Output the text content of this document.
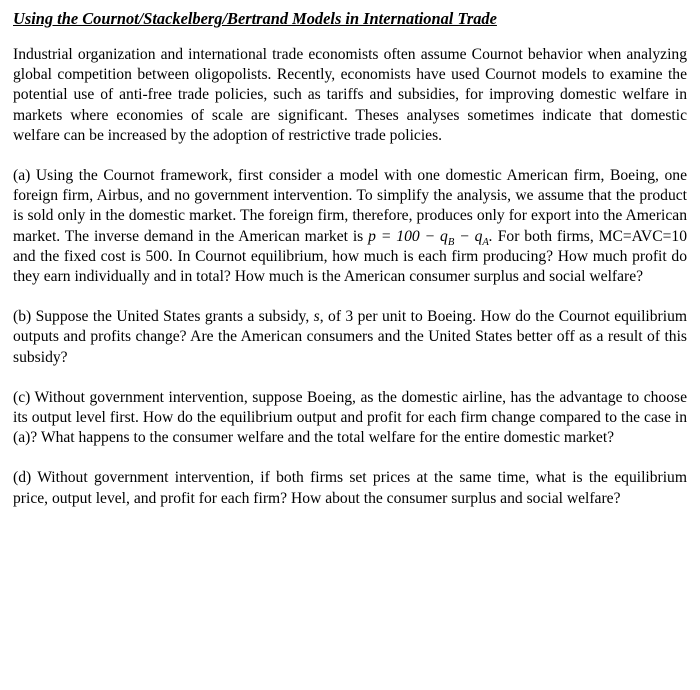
Using the Cournot/Stackelberg/Bertrand Models in International Trade

Industrial organization and international trade economists often assume Cournot behavior when analyzing global competition between oligopolists. Recently, economists have used Cournot models to examine the potential use of anti-free trade policies, such as tariffs and subsidies, for improving domestic welfare in markets where economies of scale are significant. Theses analyses sometimes indicate that domestic welfare can be increased by the adoption of restrictive trade policies.

(a) Using the Cournot framework, first consider a model with one domestic American firm, Boeing, one foreign firm, Airbus, and no government intervention. To simplify the analysis, we assume that the product is sold only in the domestic market. The foreign firm, therefore, produces only for export into the American market. The inverse demand in the American market is $p = 100 - q_B - q_A$. For both firms, MC=AVC=10 and the fixed cost is 500. In Cournot equilibrium, how much is each firm producing? How much profit do they earn individually and in total? How much is the American consumer surplus and social welfare?

(b) Suppose the United States grants a subsidy, s, of 3 per unit to Boeing. How do the Cournot equilibrium outputs and profits change? Are the American consumers and the United States better off as a result of this subsidy?

(c) Without government intervention, suppose Boeing, as the domestic airline, has the advantage to choose its output level first. How do the equilibrium output and profit for each firm change compared to the case in (a)? What happens to the consumer welfare and the total welfare for the entire domestic market?

(d) Without government intervention, if both firms set prices at the same time, what is the equilibrium price, output level, and profit for each firm? How about the consumer surplus and social welfare?
